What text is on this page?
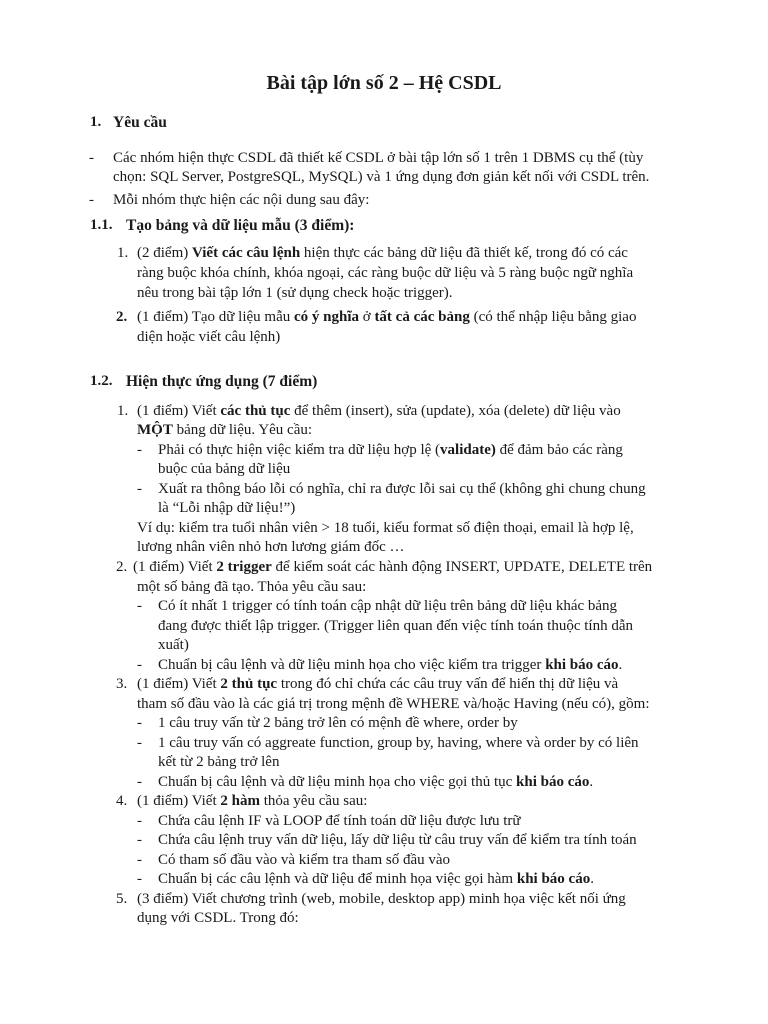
Bài tập lớn số 2 – Hệ CSDL
1. Yêu cầu
- Các nhóm hiện thực CSDL đã thiết kế CSDL ở bài tập lớn số 1 trên 1 DBMS cụ thể (tùy

chọn: SQL Server, PostgreSQL, MySQL) và 1 ứng dụng đơn giản kết nối với CSDL trên.

- Mỗi nhóm thực hiện các nội dung sau đây:

1.1. Tạo bảng và dữ liệu mẫu (3 điểm):
1. (2 điểm) Viết các câu lệnh hiện thực các bảng dữ liệu đã thiết kế, trong đó có các

ràng buộc khóa chính, khóa ngoại, các ràng buộc dữ liệu và 5 ràng buộc ngữ nghĩa

nêu trong bài tập lớn 1 (sử dụng check hoặc trigger).

2. (1 điểm) Tạo dữ liệu mẫu có ý nghĩa ở tất cả các bảng (có thể nhập liệu bằng giao

diện hoặc viết câu lệnh)

1.2. Hiện thực ứng dụng (7 điểm)
1. (1 điểm) Viết các thủ tục để thêm (insert), sửa (update), xóa (delete) dữ liệu vào

MỘT bảng dữ liệu. Yêu cầu:

- Phải có thực hiện việc kiểm tra dữ liệu hợp lệ (validate) để đảm bảo các ràng

buộc của bảng dữ liệu

- Xuất ra thông báo lỗi có nghĩa, chỉ ra được lỗi sai cụ thể (không ghi chung chung

là “Lỗi nhập dữ liệu!”)

Ví dụ: kiểm tra tuổi nhân viên > 18 tuổi, kiểu format số điện thoại, email là hợp lệ,

lương nhân viên nhỏ hơn lương giám đốc …

2. (1 điểm) Viết 2 trigger để kiểm soát các hành động INSERT, UPDATE, DELETE trên

một số bảng đã tạo. Thỏa yêu cầu sau:

- Có ít nhất 1 trigger có tính toán cập nhật dữ liệu trên bảng dữ liệu khác bảng

đang được thiết lập trigger. (Trigger liên quan đến việc tính toán thuộc tính dẫn

xuất)

- Chuẩn bị câu lệnh và dữ liệu minh họa cho việc kiểm tra trigger khi báo cáo.

3. (1 điểm) Viết 2 thủ tục trong đó chỉ chứa các câu truy vấn để hiển thị dữ liệu và

tham số đầu vào là các giá trị trong mệnh đề WHERE và/hoặc Having (nếu có), gồm:

- 1 câu truy vấn từ 2 bảng trở lên có mệnh đề where, order by

- 1 câu truy vấn có aggreate function, group by, having, where và order by có liên

kết từ 2 bảng trở lên

- Chuẩn bị câu lệnh và dữ liệu minh họa cho việc gọi thủ tục khi báo cáo.

4. (1 điểm) Viết 2 hàm thỏa yêu cầu sau:

- Chứa câu lệnh IF và LOOP để tính toán dữ liệu được lưu trữ

- Chứa câu lệnh truy vấn dữ liệu, lấy dữ liệu từ câu truy vấn để kiểm tra tính toán

- Có tham số đầu vào và kiểm tra tham số đầu vào

- Chuẩn bị các câu lệnh và dữ liệu để minh họa việc gọi hàm khi báo cáo.

5. (3 điểm) Viết chương trình (web, mobile, desktop app) minh họa việc kết nối ứng

dụng với CSDL. Trong đó:
